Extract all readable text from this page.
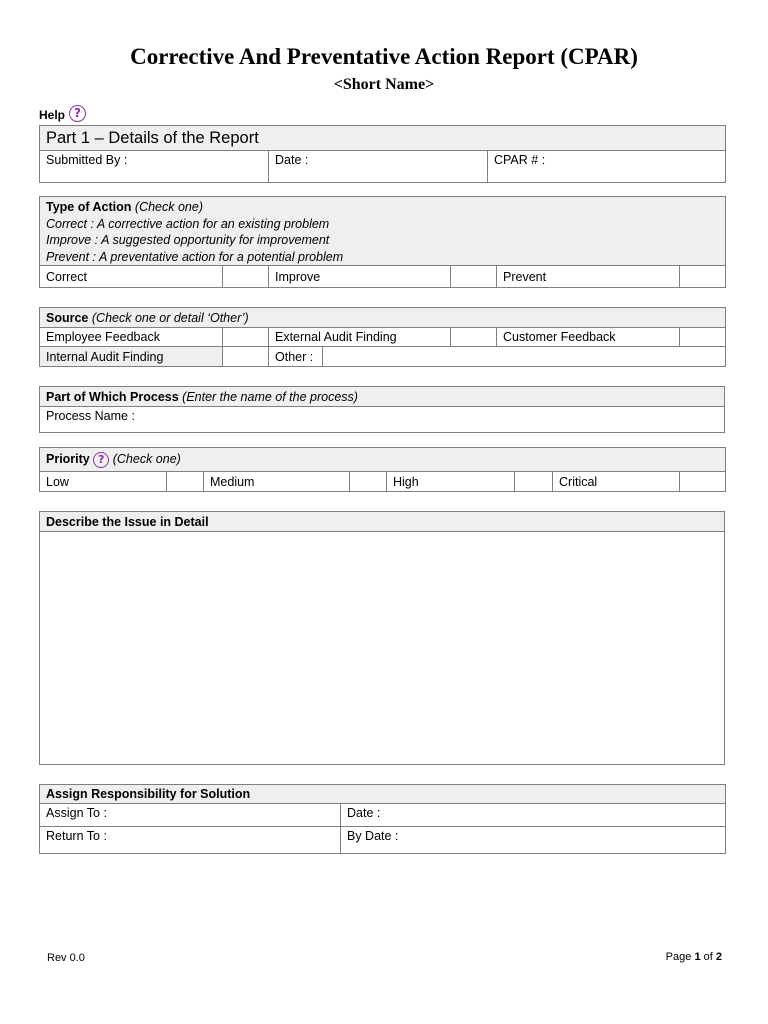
Corrective And Preventative Action Report (CPAR)
<Short Name>
Help ?
Part 1 – Details of the Report
Submitted By :	Date :	CPAR # :
Type of Action (Check one)
Correct : A corrective action for an existing problem
Improve : A suggested opportunity for improvement
Prevent : A preventative action for a potential problem
Correct		Improve		Prevent	
Source (Check one or detail ‘Other’)						
Employee Feedback		External Audit Finding			Customer Feedback	
Internal Audit Finding		Other :				
Part of Which Process (Enter the name of the process)
Process Name :
Priority ? (Check one)
Low		Medium		High		Critical	
Describe the Issue in Detail

Assign Responsibility for Solution	
Assign To :	Date :
Return To :	By Date :
Rev 0.0	Page 1 of 2
